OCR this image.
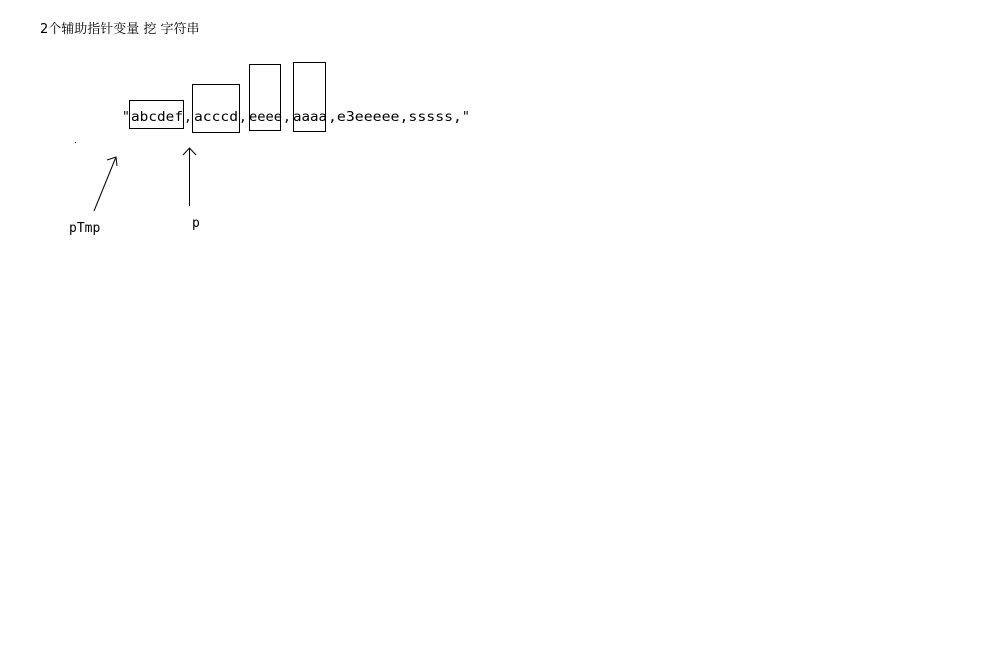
2个辅助指针变量 挖 字符串
" abcdef , acccd , eeee , aaaa ,e3eeeee,sssss, "
pTmp	p
